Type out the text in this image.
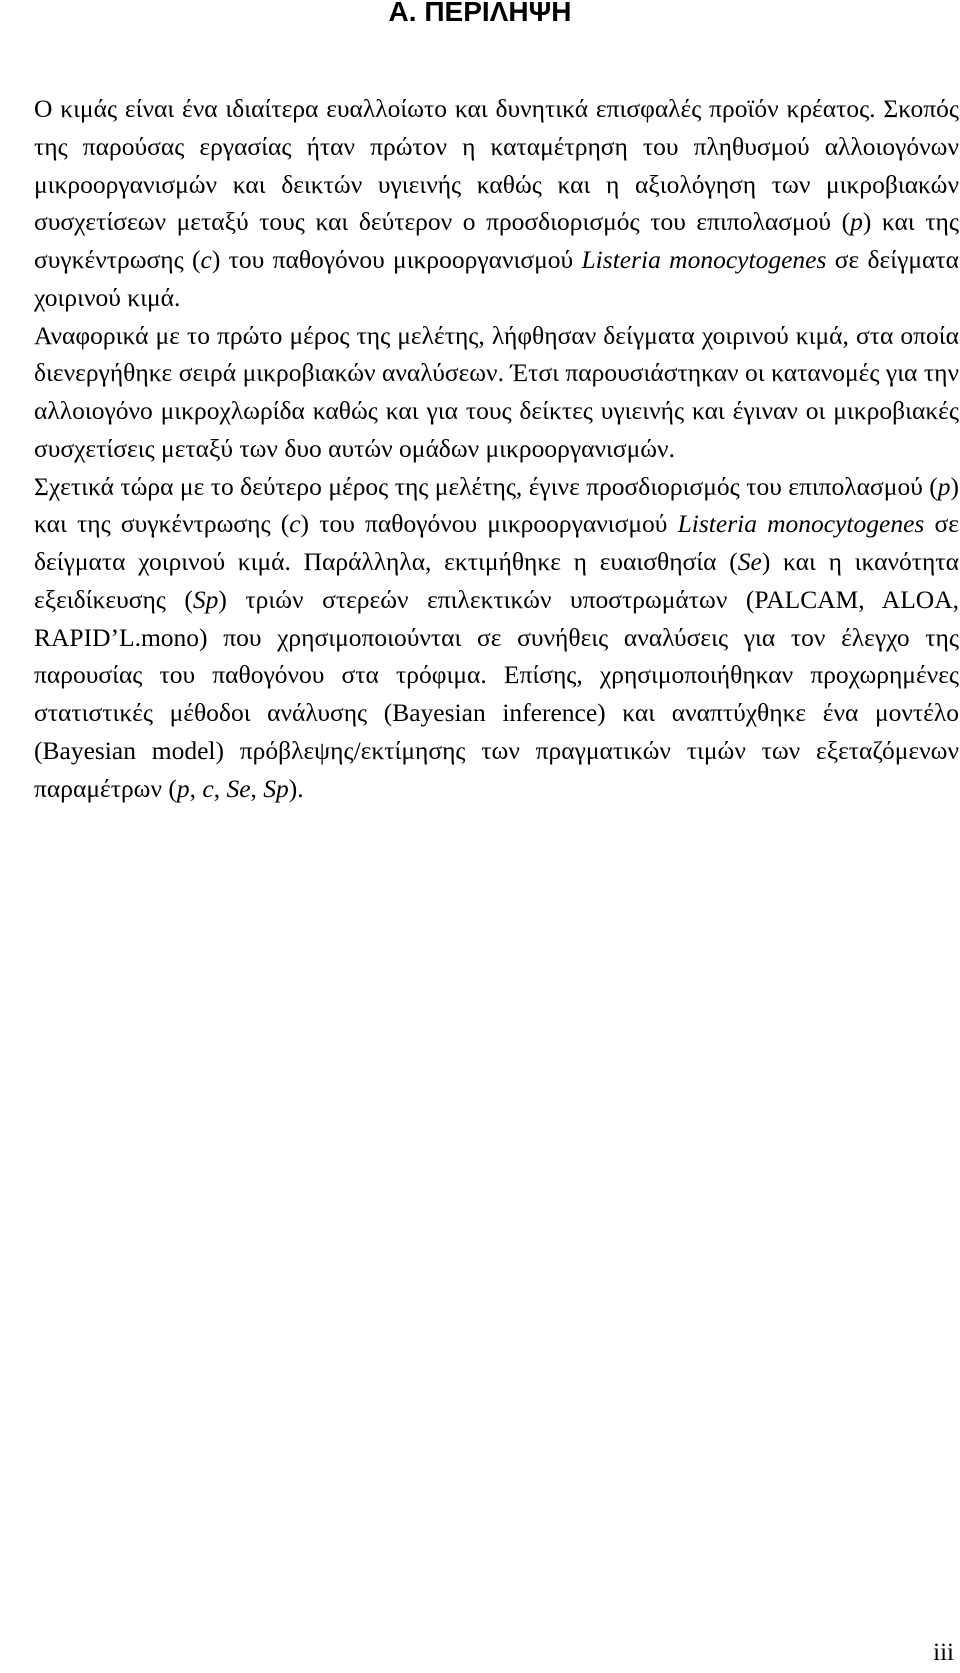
Α. ΠΕΡΙΛΗΨΗ

Ο κιμάς είναι ένα ιδιαίτερα ευαλλοίωτο και δυνητικά επισφαλές προϊόν κρέατος. Σκοπός της παρούσας εργασίας ήταν πρώτον η καταμέτρηση του πληθυσμού αλλοιογόνων μικροοργανισμών και δεικτών υγιεινής καθώς και η αξιολόγηση των μικροβιακών συσχετίσεων μεταξύ τους και δεύτερον ο προσδιορισμός του επιπολασμού (p) και της συγκέντρωσης (c) του παθογόνου μικροοργανισμού Listeria monocytogenes σε δείγματα χοιρινού κιμά.

Αναφορικά με το πρώτο μέρος της μελέτης, λήφθησαν δείγματα χοιρινού κιμά, στα οποία διενεργήθηκε σειρά μικροβιακών αναλύσεων. Έτσι παρουσιάστηκαν οι κατανομές για την αλλοιογόνο μικροχλωρίδα καθώς και για τους δείκτες υγιεινής και έγιναν οι μικροβιακές συσχετίσεις μεταξύ των δυο αυτών ομάδων μικροοργανισμών.

Σχετικά τώρα με το δεύτερο μέρος της μελέτης, έγινε προσδιορισμός του επιπολασμού (p) και της συγκέντρωσης (c) του παθογόνου μικροοργανισμού Listeria monocytogenes σε δείγματα χοιρινού κιμά. Παράλληλα, εκτιμήθηκε η ευαισθησία (Se) και η ικανότητα εξειδίκευσης (Sp) τριών στερεών επιλεκτικών υποστρωμάτων (PALCAM, ALOA, RAPID’L.mono) που χρησιμοποιούνται σε συνήθεις αναλύσεις για τον έλεγχο της παρουσίας του παθογόνου στα τρόφιμα. Επίσης, χρησιμοποιήθηκαν προχωρημένες στατιστικές μέθοδοι ανάλυσης (Bayesian inference) και αναπτύχθηκε ένα μοντέλο (Bayesian model) πρόβλεψης/εκτίμησης των πραγματικών τιμών των εξεταζόμενων παραμέτρων (p, c, Se, Sp).

iii
